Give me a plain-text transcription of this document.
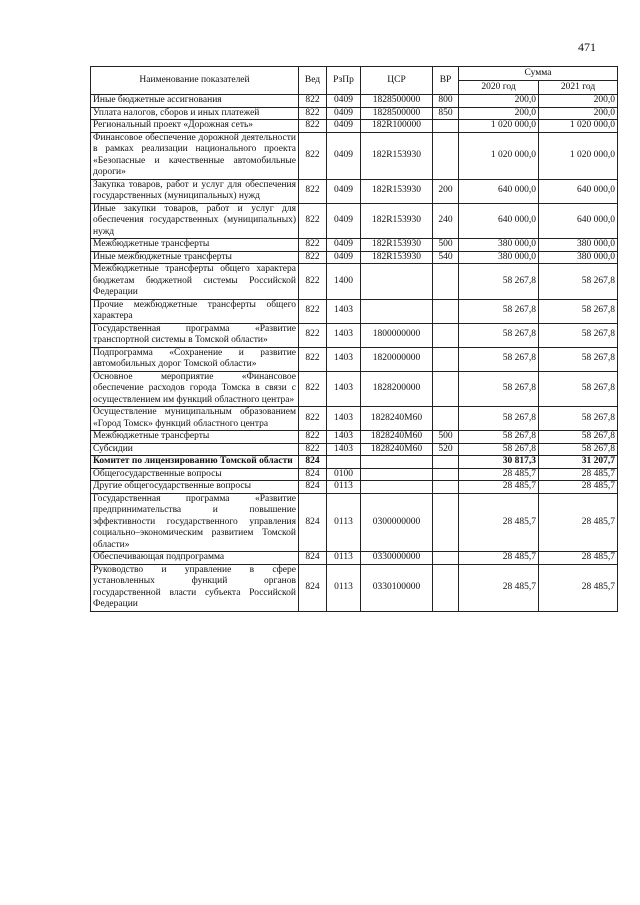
471
Наименование показателей	Вед	РзПр	ЦСР	ВР	Сумма	
					2020 год	2021 год
Иные бюджетные ассигнования	822	0409	1828500000	800	200,0	200,0
Уплата налогов, сборов и иных платежей	822	0409	1828500000	850	200,0	200,0
Региональный проект «Дорожная сеть»	822	0409	182R100000		1 020 000,0	1 020 000,0
Финансовое обеспечение дорожной деятельности в рамках реализации национального проекта «Безопасные и качественные автомобильные дороги»	822	0409	182R153930		1 020 000,0	1 020 000,0
Закупка товаров, работ и услуг для обеспечения государственных (муниципальных) нужд	822	0409	182R153930	200	640 000,0	640 000,0
Иные закупки товаров, работ и услуг для обеспечения государственных (муниципальных) нужд	822	0409	182R153930	240	640 000,0	640 000,0
Межбюджетные трансферты	822	0409	182R153930	500	380 000,0	380 000,0
Иные межбюджетные трансферты	822	0409	182R153930	540	380 000,0	380 000,0
Межбюджетные трансферты общего характера бюджетам бюджетной системы Российской Федерации	822	1400			58 267,8	58 267,8
Прочие межбюджетные трансферты общего характера	822	1403			58 267,8	58 267,8
Государственная программа «Развитие транспортной системы в Томской области»	822	1403	1800000000		58 267,8	58 267,8
Подпрограмма «Сохранение и развитие автомобильных дорог Томской области»	822	1403	1820000000		58 267,8	58 267,8
Основное мероприятие «Финансовое обеспечение расходов города Томска в связи с осуществлением им функций областного центра»	822	1403	1828200000		58 267,8	58 267,8
Осуществление муниципальным образованием «Город Томск» функций областного центра	822	1403	1828240М60		58 267,8	58 267,8
Межбюджетные трансферты	822	1403	1828240М60	500	58 267,8	58 267,8
Субсидии	822	1403	1828240М60	520	58 267,8	58 267,8
Комитет по лицензированию Томской области	824				30 817,3	31 207,7
Общегосударственные вопросы	824	0100			28 485,7	28 485,7
Другие общегосударственные вопросы	824	0113			28 485,7	28 485,7
Государственная программа «Развитие предпринимательства и повышение эффективности государственного управления социально–экономическим развитием Томской области»	824	0113	0300000000		28 485,7	28 485,7
Обеспечивающая подпрограмма	824	0113	0330000000		28 485,7	28 485,7
Руководство и управление в сфере установленных функций органов государственной власти субъекта Российской Федерации	824	0113	0330100000		28 485,7	28 485,7
